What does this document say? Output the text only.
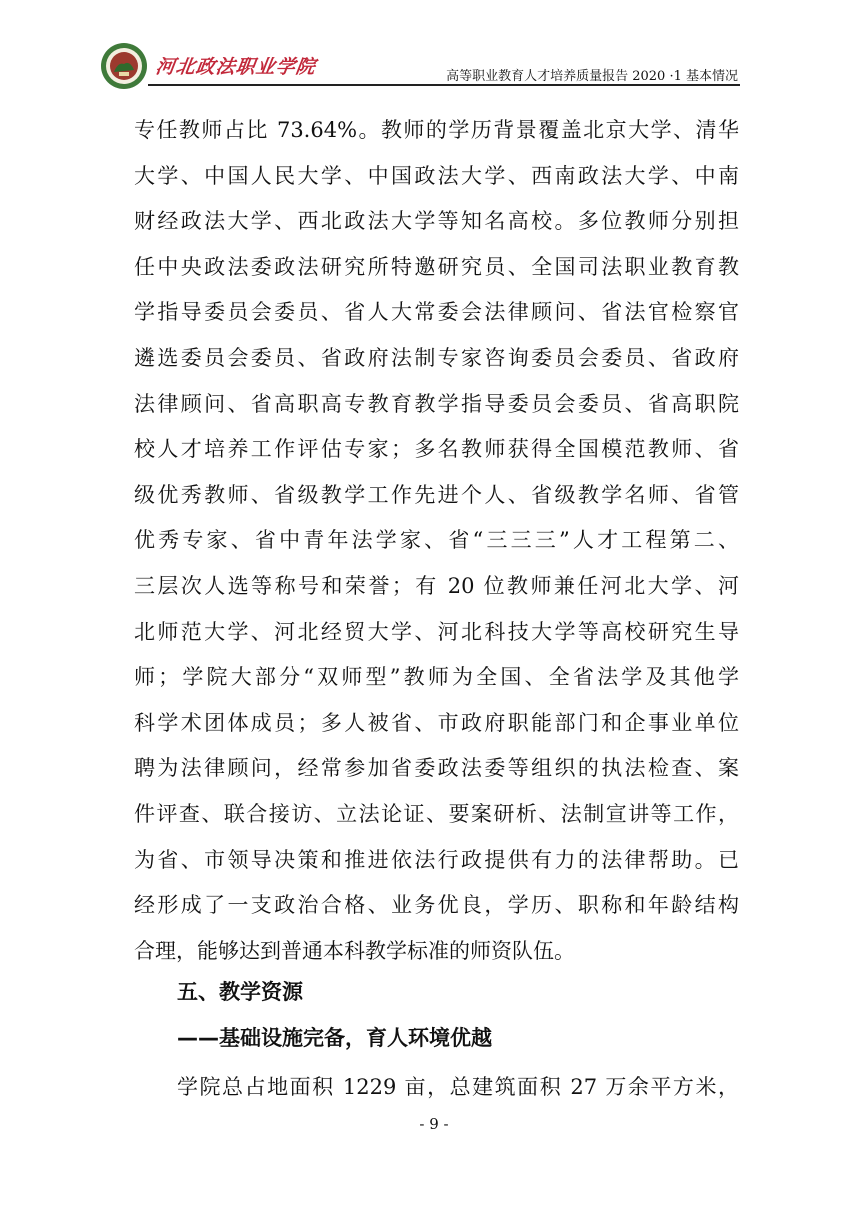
河北政法职业学院	高等职业教育人才培养质量报告 2020 ·1 基本情况
专任教师占比 73.64%。教师的学历背景覆盖北京大学、清华
大学、中国人民大学、中国政法大学、西南政法大学、中南
财经政法大学、西北政法大学等知名高校。多位教师分别担
任中央政法委政法研究所特邀研究员、全国司法职业教育教
学指导委员会委员、省人大常委会法律顾问、省法官检察官
遴选委员会委员、省政府法制专家咨询委员会委员、省政府
法律顾问、省高职高专教育教学指导委员会委员、省高职院
校人才培养工作评估专家；多名教师获得全国模范教师、省
级优秀教师、省级教学工作先进个人、省级教学名师、省管
优秀专家、省中青年法学家、省“三三三”人才工程第二、
三层次人选等称号和荣誉；有 20 位教师兼任河北大学、河
北师范大学、河北经贸大学、河北科技大学等高校研究生导
师；学院大部分“双师型”教师为全国、全省法学及其他学
科学术团体成员；多人被省、市政府职能部门和企事业单位
聘为法律顾问，经常参加省委政法委等组织的执法检查、案
件评查、联合接访、立法论证、要案研析、法制宣讲等工作，
为省、市领导决策和推进依法行政提供有力的法律帮助。已
经形成了一支政治合格、业务优良，学历、职称和年龄结构
合理，能够达到普通本科教学标准的师资队伍。
五、教学资源
——基础设施完备，育人环境优越
学院总占地面积 1229 亩，总建筑面积 27 万余平方米，
- 9 -
